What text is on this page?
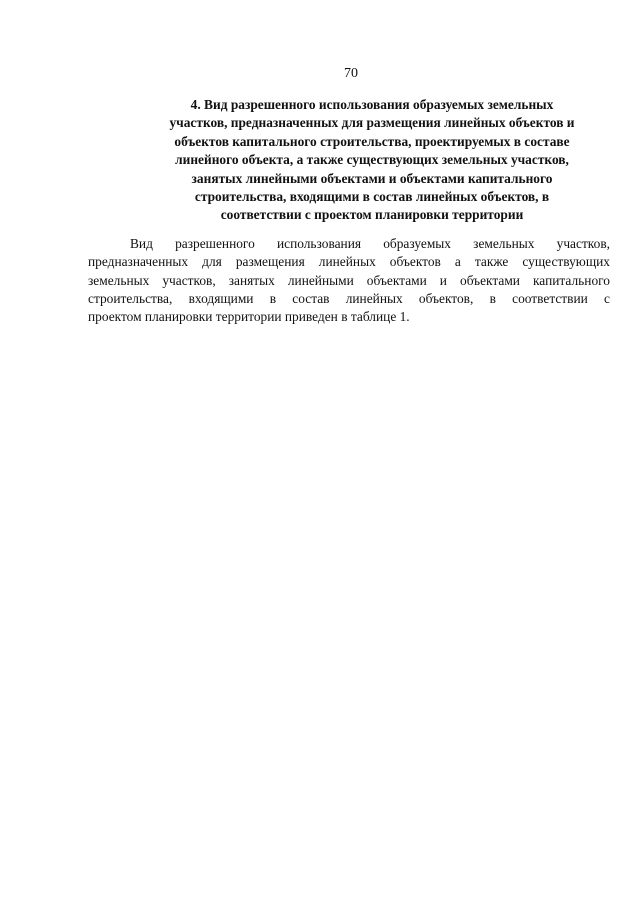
70
4. Вид разрешенного использования образуемых земельных
участков, предназначенных для размещения линейных объектов и
объектов капитального строительства, проектируемых в составе
линейного объекта, а также существующих земельных участков,
занятых линейными объектами и объектами капитального
строительства, входящими в состав линейных объектов, в
соответствии с проектом планировки территории

Вид разрешенного использования образуемых земельных участков,
предназначенных для размещения линейных объектов а также существующих
земельных участков, занятых линейными объектами и объектами капитального
строительства, входящими в состав линейных объектов, в соответствии с
проектом планировки территории приведен в таблице 1.
